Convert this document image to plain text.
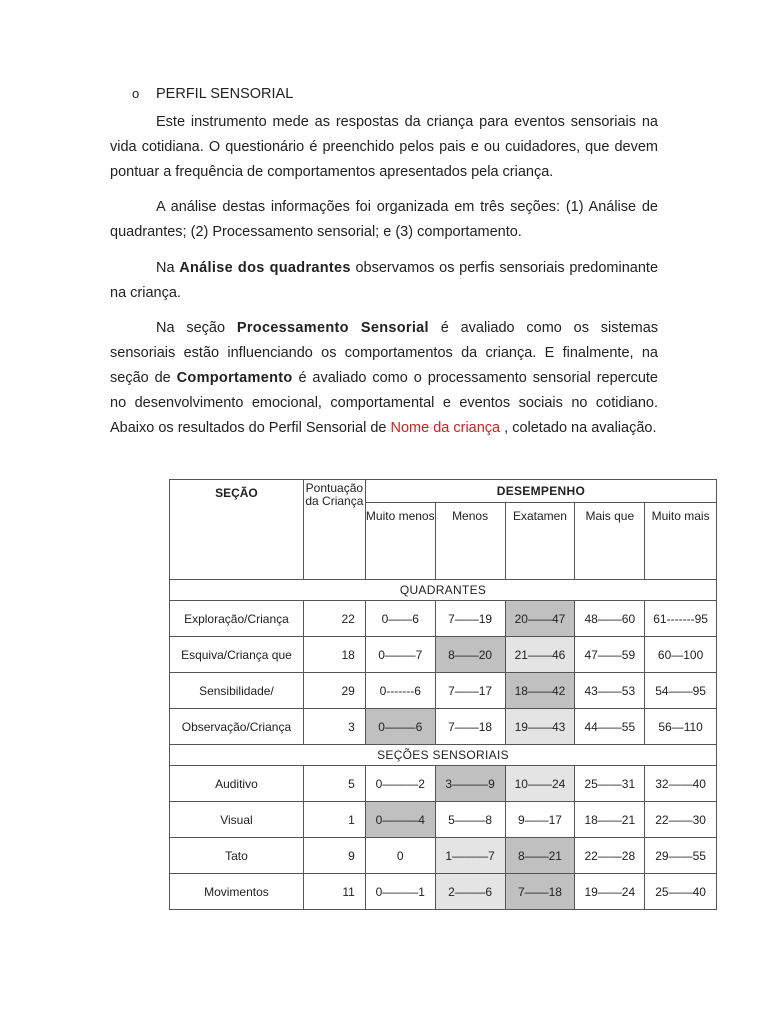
o PERFIL SENSORIAL

Este instrumento mede as respostas da criança para eventos sensoriais na vida cotidiana. O questionário é preenchido pelos pais e ou cuidadores, que devem pontuar a frequência de comportamentos apresentados pela criança.

A análise destas informações foi organizada em três seções: (1) Análise de quadrantes; (2) Processamento sensorial; e (3) comportamento.

Na Análise dos quadrantes observamos os perfis sensoriais predominante na criança.

Na seção Processamento Sensorial é avaliado como os sistemas sensoriais estão influenciando os comportamentos da criança. E finalmente, na seção de Comportamento é avaliado como o processamento sensorial repercute no desenvolvimento emocional, comportamental e eventos sociais no cotidiano. Abaixo os resultados do Perfil Sensorial de Nome da criança , coletado na avaliação.

SEÇÃO	Pontuação da Criança	DESEMPENHO				
		Muito menos	Menos	Exatamen	Mais que	Muito mais
QUADRANTES						
Exploração/Criança	22	0——6	7——19	20——47	48——60	61-------95
Esquiva/Criança que	18	0—–—7	8——20	21——46	47——59	60—100
Sensibilidade/	29	0-------6	7——17	18——42	43——53	54——95
Observação/Criança	3	0—–—6	7——18	19——43	44——55	56—110
SEÇÕES SENSORIAIS						
Auditivo	5	0———2	3———9	10——24	25——31	32——40
Visual	1	0———4	5—–—8	9——17	18——21	22——30
Tato	9	0	1———7	8——21	22——28	29——55
Movimentos	11	0———1	2—–—6	7——18	19——24	25——40
